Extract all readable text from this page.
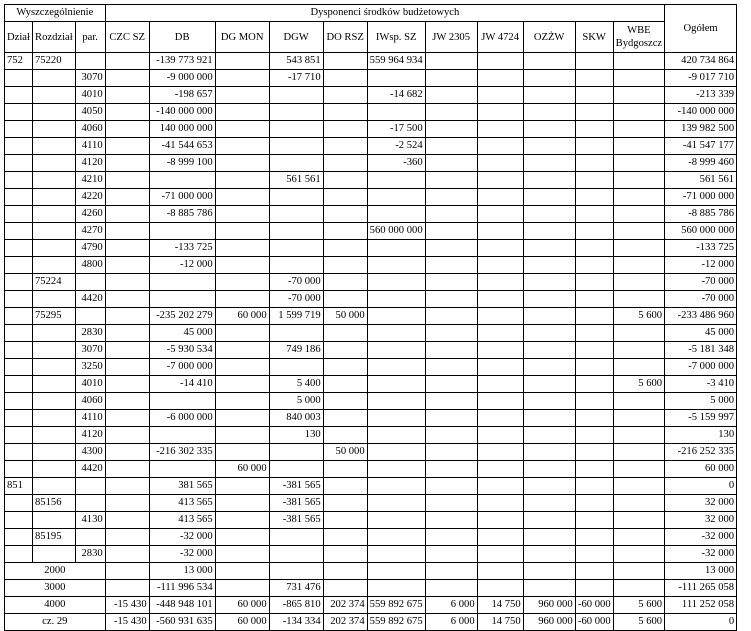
Wyszczególnienie			Dysponenci środków budżetowych											Ogółem
Dział	Rozdział	par.	CZC SZ	DB	DG MON	DGW	DO RSZ	IWsp. SZ	JW 2305	JW 4724	OZŻW	SKW	WBE Bydgoszcz	
752	75220			-139 773 921		543 851		559 964 934						420 734 864
		3070		-9 000 000		-17 710								-9 017 710
		4010		-198 657				-14 682						-213 339
		4050		-140 000 000										-140 000 000
		4060		140 000 000				-17 500						139 982 500
		4110		-41 544 653				-2 524						-41 547 177
		4120		-8 999 100				-360						-8 999 460
		4210				561 561								561 561
		4220		-71 000 000										-71 000 000
		4260		-8 885 786										-8 885 786
		4270						560 000 000						560 000 000
		4790		-133 725										-133 725
		4800		-12 000										-12 000
	75224					-70 000								-70 000
		4420				-70 000								-70 000
	75295			-235 202 279	60 000	1 599 719	50 000						5 600	-233 486 960
		2830		45 000										45 000
		3070		-5 930 534		749 186								-5 181 348
		3250		-7 000 000										-7 000 000
		4010		-14 410		5 400							5 600	-3 410
		4060				5 000								5 000
		4110		-6 000 000		840 003								-5 159 997
		4120				130								130
		4300		-216 302 335			50 000							-216 252 335
		4420			60 000									60 000
851				381 565		-381 565								0
	85156			413 565		-381 565								32 000
		4130		413 565		-381 565								32 000
	85195			-32 000										-32 000
		2830		-32 000										-32 000
2000				13 000										13 000
3000				-111 996 534		731 476								-111 265 058
4000			-15 430	-448 948 101	60 000	-865 810	202 374	559 892 675	6 000	14 750	960 000	-60 000	5 600	111 252 058
cz. 29			-15 430	-560 931 635	60 000	-134 334	202 374	559 892 675	6 000	14 750	960 000	-60 000	5 600	0
